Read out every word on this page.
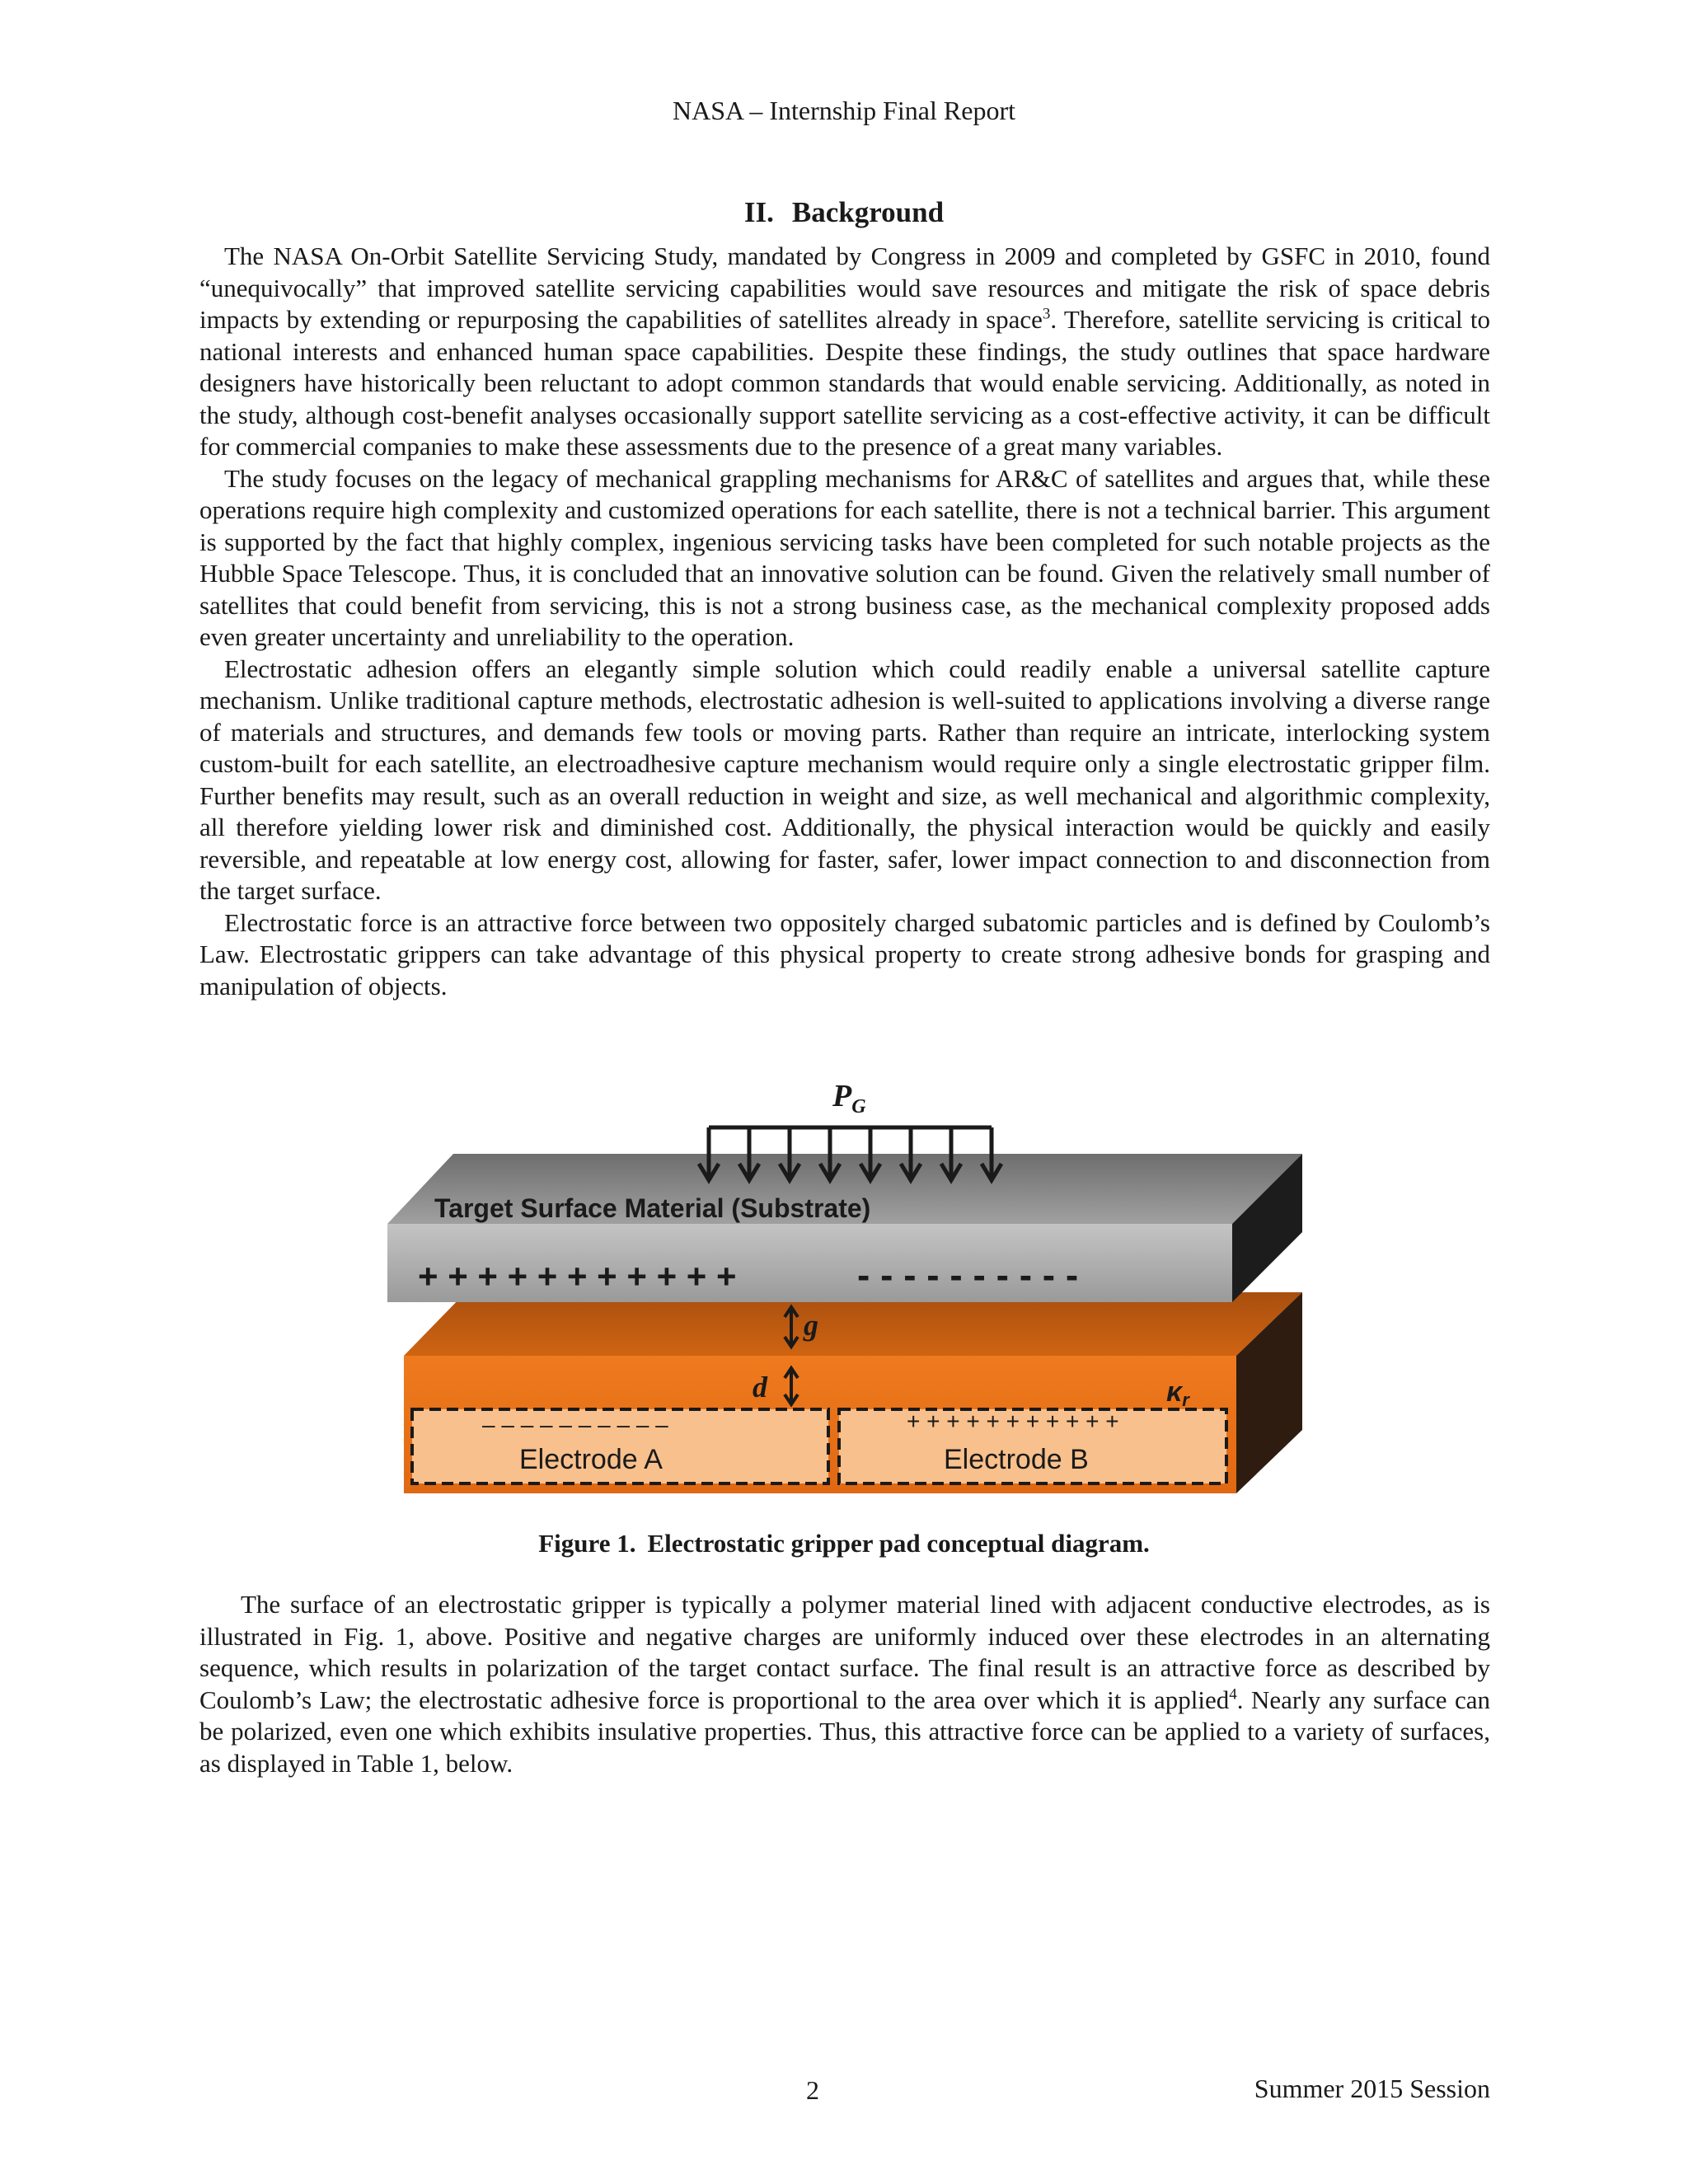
NASA – Internship Final Report
II. Background

The NASA On-Orbit Satellite Servicing Study, mandated by Congress in 2009 and completed by GSFC in 2010, found “unequivocally” that improved satellite servicing capabilities would save resources and mitigate the risk of space debris impacts by extending or repurposing the capabilities of satellites already in space$^3$. Therefore, satellite servicing is critical to national interests and enhanced human space capabilities. Despite these findings, the study outlines that space hardware designers have historically been reluctant to adopt common standards that would enable servicing. Additionally, as noted in the study, although cost-benefit analyses occasionally support satellite servicing as a cost-effective activity, it can be difficult for commercial companies to make these assessments due to the presence of a great many variables.

The study focuses on the legacy of mechanical grappling mechanisms for AR&C of satellites and argues that, while these operations require high complexity and customized operations for each satellite, there is not a technical barrier. This argument is supported by the fact that highly complex, ingenious servicing tasks have been completed for such notable projects as the Hubble Space Telescope. Thus, it is concluded that an innovative solution can be found. Given the relatively small number of satellites that could benefit from servicing, this is not a strong business case, as the mechanical complexity proposed adds even greater uncertainty and unreliability to the operation.

Electrostatic adhesion offers an elegantly simple solution which could readily enable a universal satellite capture mechanism. Unlike traditional capture methods, electrostatic adhesion is well-suited to applications involving a diverse range of materials and structures, and demands few tools or moving parts. Rather than require an intricate, interlocking system custom-built for each satellite, an electroadhesive capture mechanism would require only a single electrostatic gripper film. Further benefits may result, such as an overall reduction in weight and size, as well mechanical and algorithmic complexity, all therefore yielding lower risk and diminished cost. Additionally, the physical interaction would be quickly and easily reversible, and repeatable at low energy cost, allowing for faster, safer, lower impact connection to and disconnection from the target surface.

Electrostatic force is an attractive force between two oppositely charged subatomic particles and is defined by Coulomb’s Law. Electrostatic grippers can take advantage of this physical property to create strong adhesive bonds for grasping and manipulation of objects.

– – – – – – – – – –
Electrode A
+ + + + + + + + + + +
Electrode B
κr
Target Surface Material (Substrate)
+ + + + + + + + + + +	- - - - - - - - - -
$P_G$
g
d
Figure 1. Electrostatic gripper pad conceptual diagram.

The surface of an electrostatic gripper is typically a polymer material lined with adjacent conductive electrodes, as is illustrated in Fig. 1, above. Positive and negative charges are uniformly induced over these electrodes in an alternating sequence, which results in polarization of the target contact surface. The final result is an attractive force as described by Coulomb’s Law; the electrostatic adhesive force is proportional to the area over which it is applied$^4$. Nearly any surface can be polarized, even one which exhibits insulative properties. Thus, this attractive force can be applied to a variety of surfaces, as displayed in Table 1, below.

2	Summer 2015 Session
